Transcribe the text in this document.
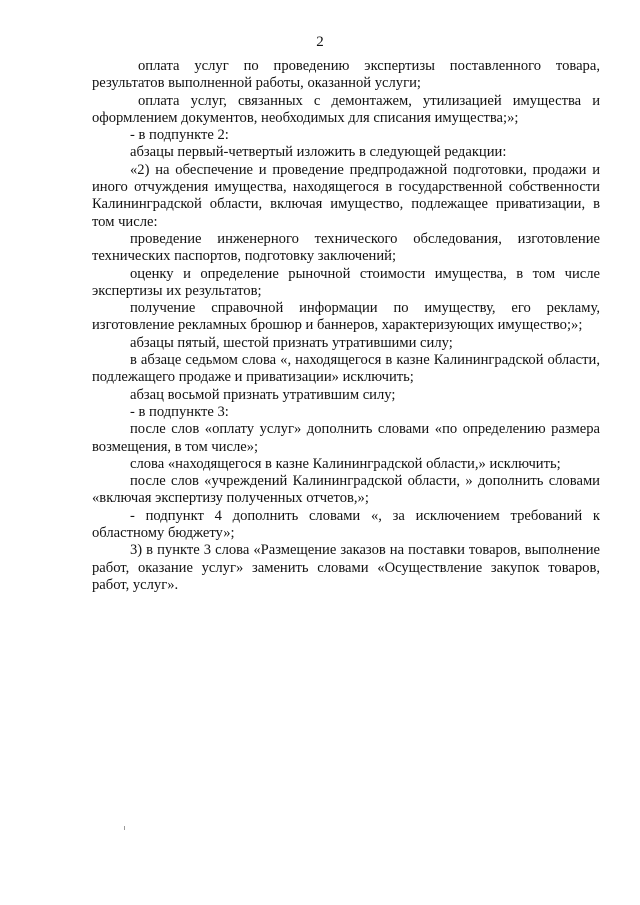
2

оплата услуг по проведению экспертизы поставленного товара, результатов выполненной работы, оказанной услуги;

оплата услуг, связанных с демонтажем, утилизацией имущества и оформлением документов, необходимых для списания имущества;»;

- в подпункте 2:

абзацы первый-четвертый изложить в следующей редакции:

«2) на обеспечение и проведение предпродажной подготовки, продажи и иного отчуждения имущества, находящегося в государственной собственности Калининградской области, включая имущество, подлежащее приватизации, в том числе:

проведение инженерного технического обследования, изготовление технических паспортов, подготовку заключений;

оценку и определение рыночной стоимости имущества, в том числе экспертизы их результатов;

получение справочной информации по имуществу, его рекламу, изготовление рекламных брошюр и баннеров, характеризующих имущество;»;

абзацы пятый, шестой признать утратившими силу;

в абзаце седьмом слова «, находящегося в казне Калининградской области, подлежащего продаже и приватизации» исключить;

абзац восьмой признать утратившим силу;

- в подпункте 3:

после слов «оплату услуг» дополнить словами «по определению размера возмещения, в том числе»;

слова «находящегося в казне Калининградской области,» исключить;

после слов «учреждений Калининградской области, » дополнить словами «включая экспертизу полученных отчетов,»;

- подпункт 4 дополнить словами «, за исключением требований к областному бюджету»;

3) в пункте 3 слова «Размещение заказов на поставки товаров, выполнение работ, оказание услуг» заменить словами «Осуществление закупок товаров, работ, услуг».
